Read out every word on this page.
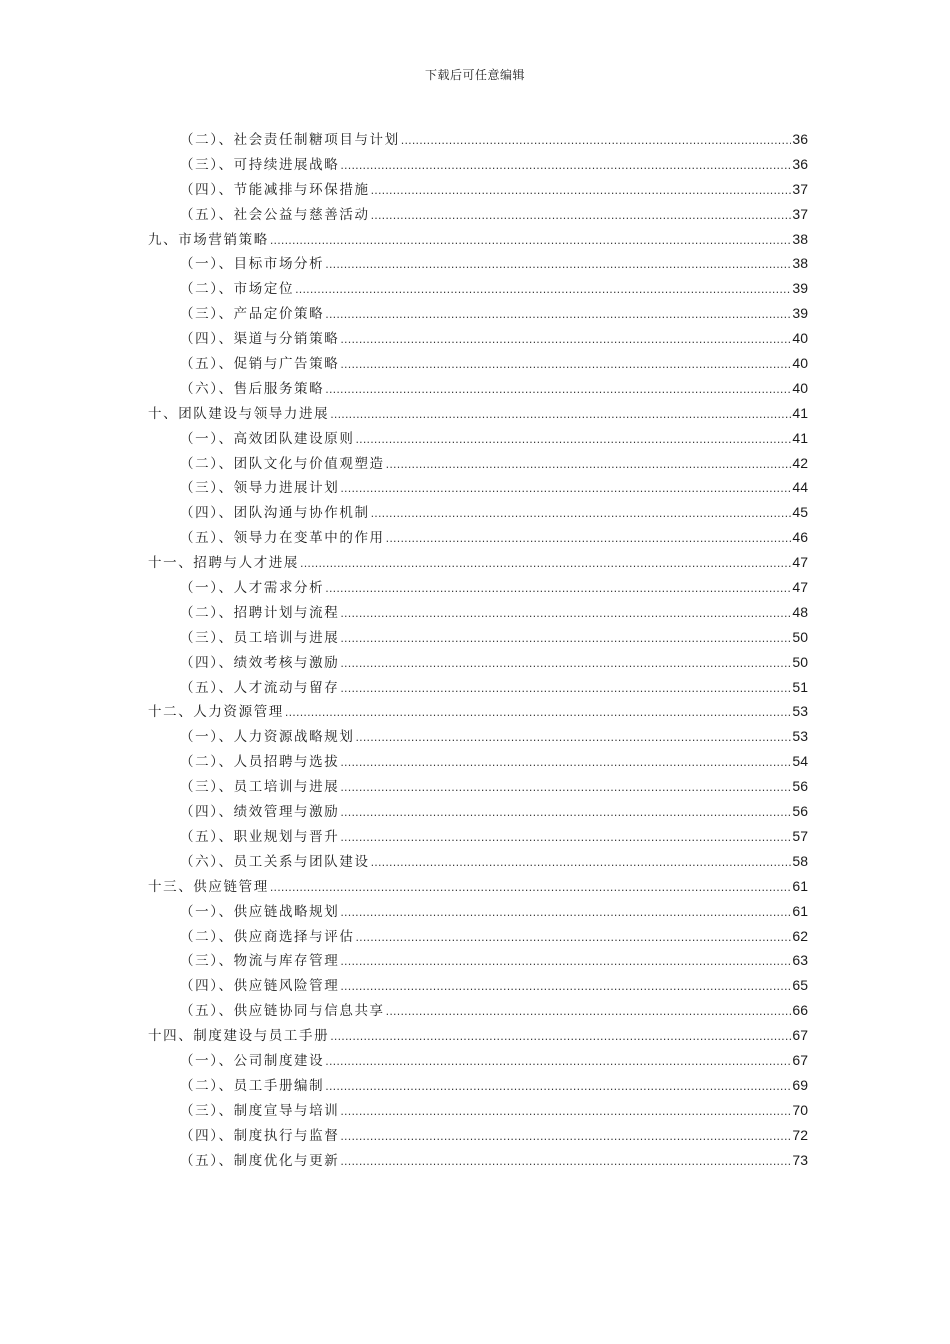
下载后可任意编辑
（二）、社会责任制糖项目与计划 .....	36
（三）、可持续进展战略 .....	36
（四）、节能减排与环保措施 .....	37
（五）、社会公益与慈善活动 .....	37
九、市场营销策略 .....	38
（一）、目标市场分析 .....	38
（二）、市场定位 .....	39
（三）、产品定价策略 .....	39
（四）、渠道与分销策略 .....	40
（五）、促销与广告策略 .....	40
（六）、售后服务策略 .....	40
十、团队建设与领导力进展 .....	41
（一）、高效团队建设原则 .....	41
（二）、团队文化与价值观塑造 .....	42
（三）、领导力进展计划 .....	44
（四）、团队沟通与协作机制 .....	45
（五）、领导力在变革中的作用 .....	46
十一、招聘与人才进展 .....	47
（一）、人才需求分析 .....	47
（二）、招聘计划与流程 .....	48
（三）、员工培训与进展 .....	50
（四）、绩效考核与激励 .....	50
（五）、人才流动与留存 .....	51
十二、人力资源管理 .....	53
（一）、人力资源战略规划 .....	53
（二）、人员招聘与选拔 .....	54
（三）、员工培训与进展 .....	56
（四）、绩效管理与激励 .....	56
（五）、职业规划与晋升 .....	57
（六）、员工关系与团队建设 .....	58
十三、供应链管理 .....	61
（一）、供应链战略规划 .....	61
（二）、供应商选择与评估 .....	62
（三）、物流与库存管理 .....	63
（四）、供应链风险管理 .....	65
（五）、供应链协同与信息共享 .....	66
十四、制度建设与员工手册 .....	67
（一）、公司制度建设 .....	67
（二）、员工手册编制 .....	69
（三）、制度宣导与培训 .....	70
（四）、制度执行与监督 .....	72
（五）、制度优化与更新 .....	73
